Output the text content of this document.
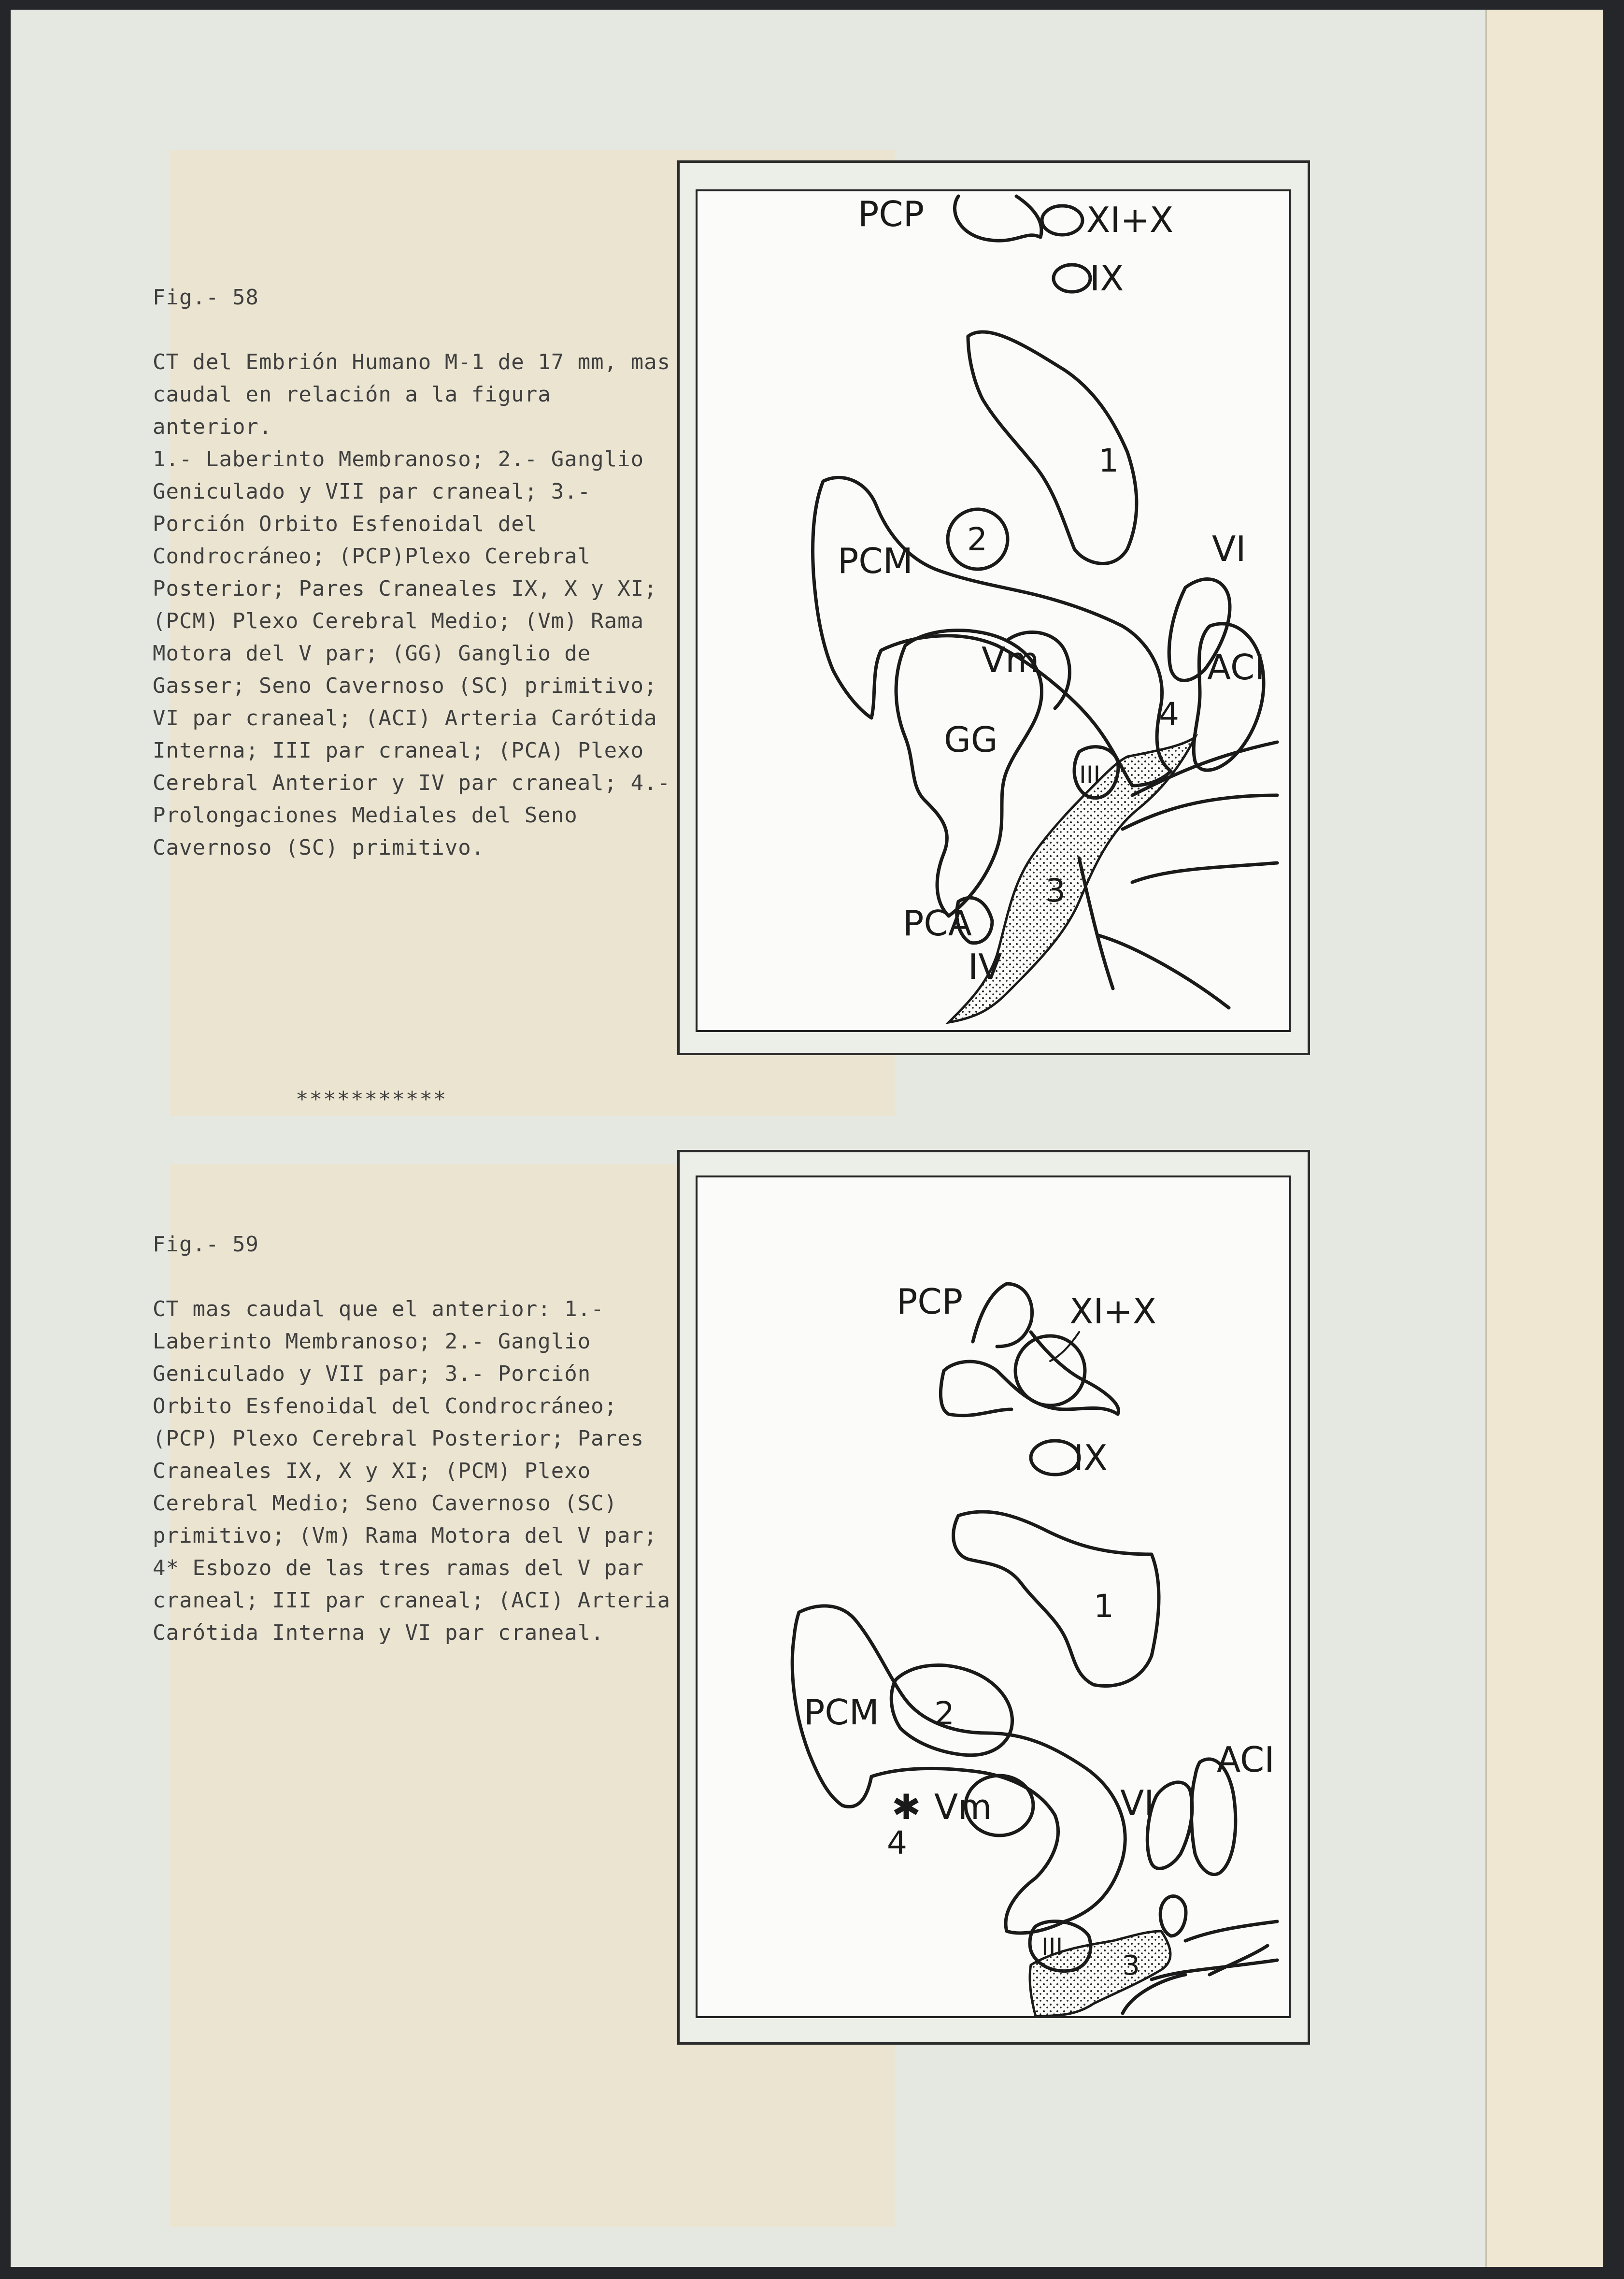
Fig.- 58

CT del Embrión Humano M-1 de 17 mm, mas caudal en relación a la figura anterior.
1.- Laberinto Membranoso; 2.- Ganglio Geniculado y VII par craneal; 3.- Porción Orbito Esfenoidal del Condrocráneo; (PCP)Plexo Cerebral Posterior; Pares Craneales IX, X y XI; (PCM) Plexo Cerebral Medio; (Vm) Rama Motora del V par; (GG) Ganglio de Gasser; Seno Cavernoso (SC) primitivo; VI par craneal; (ACI) Arteria Carótida Interna; III par craneal; (PCA) Plexo Cerebral Anterior y IV par craneal; 4.- Prolongaciones Mediales del Seno Cavernoso (SC) primitivo.

PCP	XI+X
IX
1
2
PCM	VI
Vm	ACI
4
GG
III
3
PCA
IV
***********

Fig.- 59

CT mas caudal que el anterior: 1.- Laberinto Membranoso; 2.- Ganglio Geniculado y VII par; 3.- Porción Orbito Esfenoidal del Condrocráneo; (PCP) Plexo Cerebral Posterior; Pares Craneales IX, X y XI; (PCM) Plexo Cerebral Medio; Seno Cavernoso (SC) primitivo; (Vm) Rama Motora del V par; 4* Esbozo de las tres ramas del V par craneal; III par craneal; (ACI) Arteria Carótida Interna y VI par craneal.

PCP	XI+X
IX
1
PCM 2
✱ Vm
4
VI
ACI
III
3
